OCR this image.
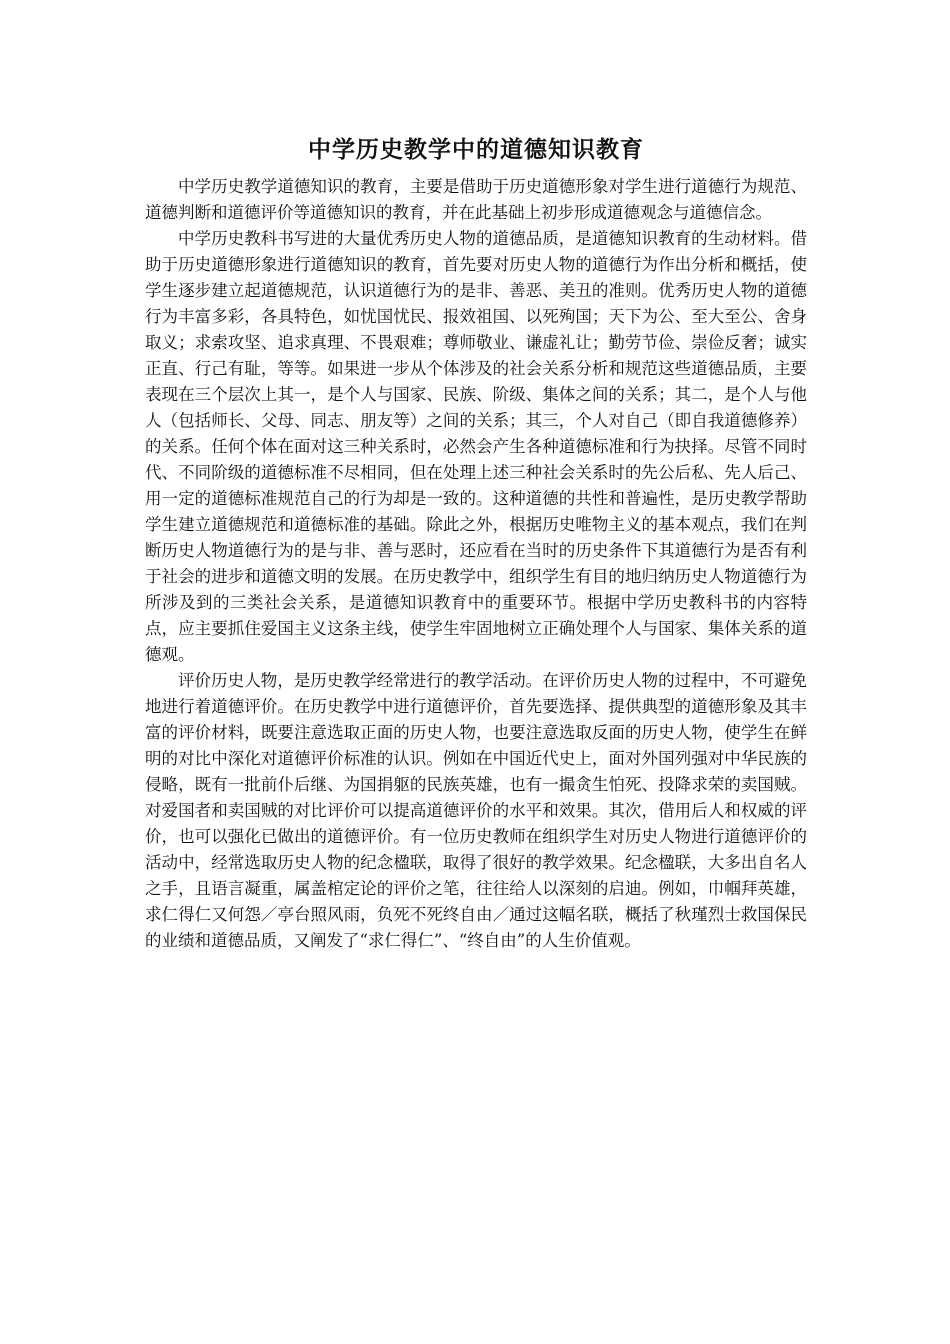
中学历史教学中的道德知识教育

中学历史教学道德知识的教育，主要是借助于历史道德形象对学生进行道德行为规范、道德判断和道德评价等道德知识的教育，并在此基础上初步形成道德观念与道德信念。

中学历史教科书写进的大量优秀历史人物的道德品质，是道德知识教育的生动材料。借助于历史道德形象进行道德知识的教育，首先要对历史人物的道德行为作出分析和概括，使学生逐步建立起道德规范，认识道德行为的是非、善恶、美丑的准则。优秀历史人物的道德行为丰富多彩，各具特色，如忧国忧民、报效祖国、以死殉国；天下为公、至大至公、舍身取义；求索攻坚、追求真理、不畏艰难；尊师敬业、谦虚礼让；勤劳节俭、崇俭反奢；诚实正直、行己有耻，等等。如果进一步从个体涉及的社会关系分析和规范这些道德品质，主要表现在三个层次上其一，是个人与国家、民族、阶级、集体之间的关系；其二，是个人与他人（包括师长、父母、同志、朋友等）之间的关系；其三，个人对自己（即自我道德修养）的关系。任何个体在面对这三种关系时，必然会产生各种道德标准和行为抉择。尽管不同时代、不同阶级的道德标准不尽相同，但在处理上述三种社会关系时的先公后私、先人后己、用一定的道德标准规范自己的行为却是一致的。这种道德的共性和普遍性，是历史教学帮助学生建立道德规范和道德标准的基础。除此之外，根据历史唯物主义的基本观点，我们在判断历史人物道德行为的是与非、善与恶时，还应看在当时的历史条件下其道德行为是否有利于社会的进步和道德文明的发展。在历史教学中，组织学生有目的地归纳历史人物道德行为所涉及到的三类社会关系，是道德知识教育中的重要环节。根据中学历史教科书的内容特点，应主要抓住爱国主义这条主线，使学生牢固地树立正确处理个人与国家、集体关系的道德观。

评价历史人物，是历史教学经常进行的教学活动。在评价历史人物的过程中，不可避免地进行着道德评价。在历史教学中进行道德评价，首先要选择、提供典型的道德形象及其丰富的评价材料，既要注意选取正面的历史人物，也要注意选取反面的历史人物，使学生在鲜明的对比中深化对道德评价标准的认识。例如在中国近代史上，面对外国列强对中华民族的侵略，既有一批前仆后继、为国捐躯的民族英雄，也有一撮贪生怕死、投降求荣的卖国贼。对爱国者和卖国贼的对比评价可以提高道德评价的水平和效果。其次，借用后人和权威的评价，也可以强化已做出的道德评价。有一位历史教师在组织学生对历史人物进行道德评价的活动中，经常选取历史人物的纪念楹联，取得了很好的教学效果。纪念楹联，大多出自名人之手，且语言凝重，属盖棺定论的评价之笔，往往给人以深刻的启迪。例如，巾帼拜英雄，求仁得仁又何怨／亭台照风雨，负死不死终自由／通过这幅名联，概括了秋瑾烈士救国保民的业绩和道德品质，又阐发了“求仁得仁”、“终自由”的人生价值观。
